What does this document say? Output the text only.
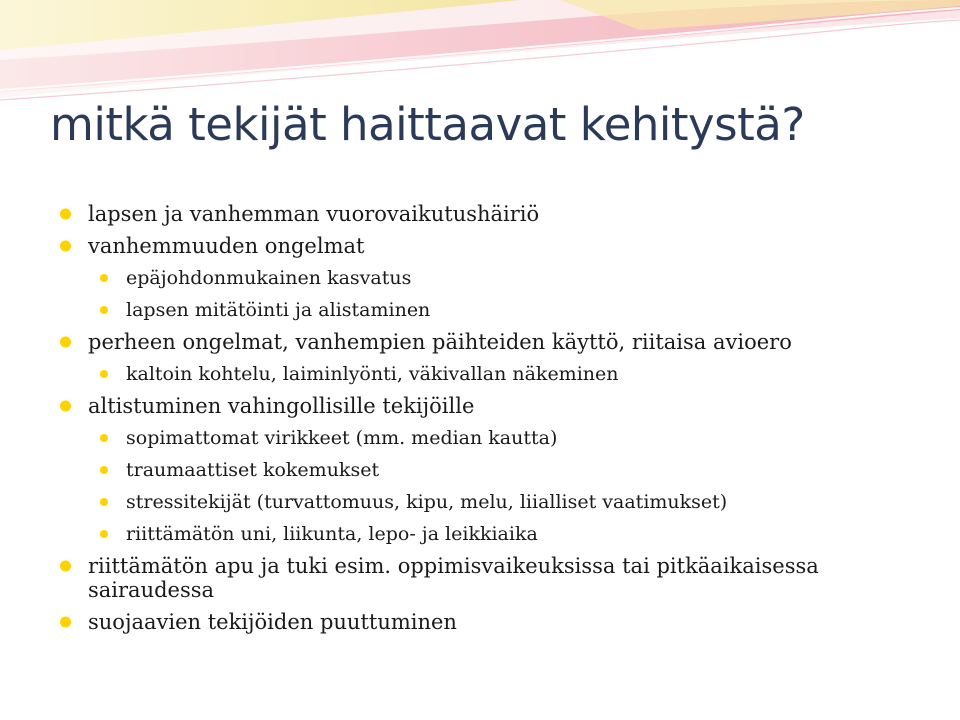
mitkä tekijät haittaavat kehitystä?
lapsen ja vanhemman vuorovaikutushäiriö
vanhemmuuden ongelmat
epäjohdonmukainen kasvatus
lapsen mitätöinti ja alistaminen
perheen ongelmat, vanhempien päihteiden käyttö, riitaisa avioero
kaltoin kohtelu, laiminlyönti, väkivallan näkeminen
altistuminen vahingollisille tekijöille
sopimattomat virikkeet (mm. median kautta)
traumaattiset kokemukset
stressitekijät (turvattomuus, kipu, melu, liialliset vaatimukset)
riittämätön uni, liikunta, lepo- ja leikkiaika
riittämätön apu ja tuki esim. oppimisvaikeuksissa tai pitkäaikaisessa sairaudessa
suojaavien tekijöiden puuttuminen
